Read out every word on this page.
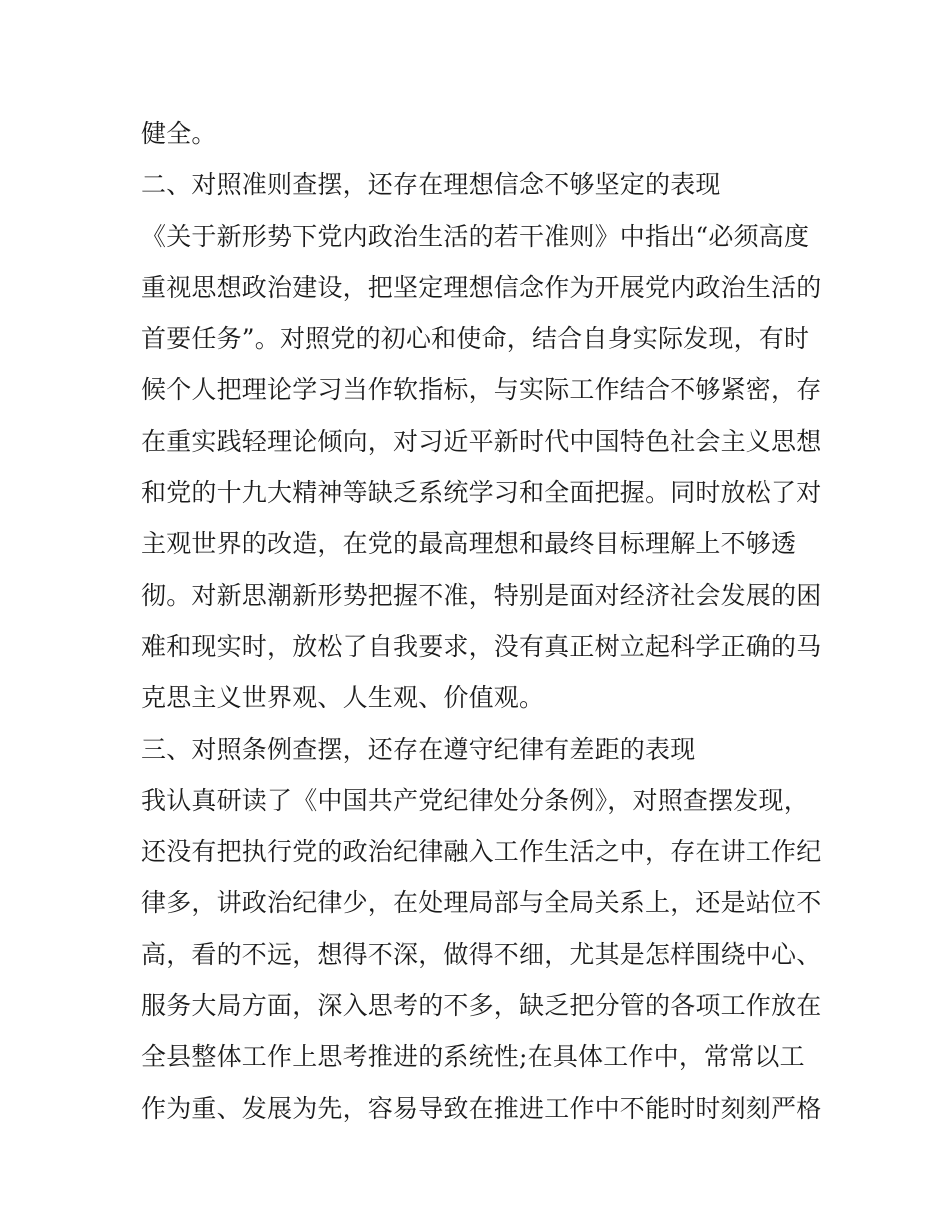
健全。
二、对照准则查摆，还存在理想信念不够坚定的表现
《关于新形势下党内政治生活的若干准则》中指出“必须高度
重视思想政治建设，把坚定理想信念作为开展党内政治生活的
首要任务”。对照党的初心和使命，结合自身实际发现，有时
候个人把理论学习当作软指标，与实际工作结合不够紧密，存
在重实践轻理论倾向，对习近平新时代中国特色社会主义思想
和党的十九大精神等缺乏系统学习和全面把握。同时放松了对
主观世界的改造，在党的最高理想和最终目标理解上不够透
彻。对新思潮新形势把握不准，特别是面对经济社会发展的困
难和现实时，放松了自我要求，没有真正树立起科学正确的马
克思主义世界观、人生观、价值观。
三、对照条例查摆，还存在遵守纪律有差距的表现
我认真研读了《中国共产党纪律处分条例》，对照查摆发现，
还没有把执行党的政治纪律融入工作生活之中，存在讲工作纪
律多，讲政治纪律少，在处理局部与全局关系上，还是站位不
高，看的不远，想得不深，做得不细，尤其是怎样围绕中心、
服务大局方面，深入思考的不多，缺乏把分管的各项工作放在
全县整体工作上思考推进的系统性;在具体工作中，常常以工
作为重、发展为先，容易导致在推进工作中不能时时刻刻严格
